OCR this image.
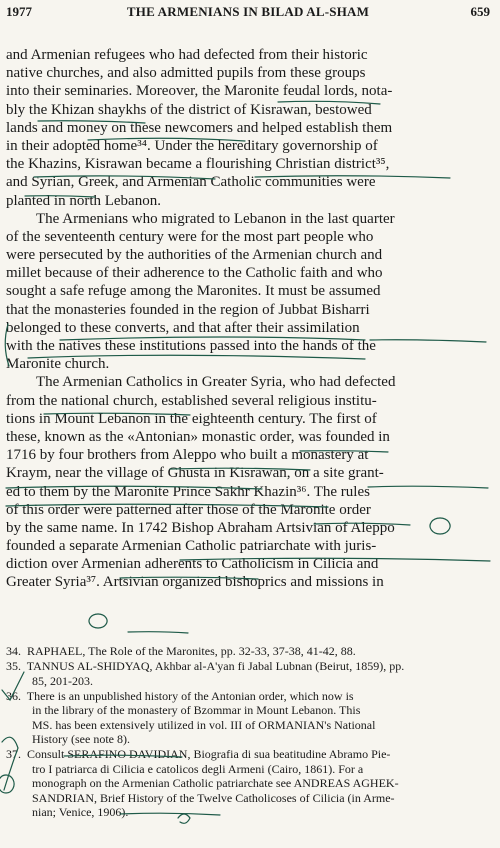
1977	THE ARMENIANS IN BILAD AL-SHAM	659
and Armenian refugees who had defected from their historic
native churches, and also admitted pupils from these groups
into their seminaries. Moreover, the Maronite feudal lords, nota-
bly the Khizan shaykhs of the district of Kisrawan, bestowed
lands and money on these newcomers and helped establish them
in their adopted home³⁴. Under the hereditary governorship of
the Khazins, Kisrawan became a flourishing Christian district³⁵,
and Syrian, Greek, and Armenian Catholic communities were
planted in north Lebanon.
The Armenians who migrated to Lebanon in the last quarter
of the seventeenth century were for the most part people who
were persecuted by the authorities of the Armenian church and
millet because of their adherence to the Catholic faith and who
sought a safe refuge among the Maronites. It must be assumed
that the monasteries founded in the region of Jubbat Bisharri
belonged to these converts, and that after their assimilation
with the natives these institutions passed into the hands of the
Maronite church.
The Armenian Catholics in Greater Syria, who had defected
from the national church, established several religious institu-
tions in Mount Lebanon in the eighteenth century. The first of
these, known as the «Antonian» monastic order, was founded in
1716 by four brothers from Aleppo who built a monastery at
Kraym, near the village of Ghusta in Kisrawan, on a site grant-
ed to them by the Maronite Prince Sakhr Khazin³⁶. The rules
of this order were patterned after those of the Maronite order
by the same name. In 1742 Bishop Abraham Artsivian of Aleppo
founded a separate Armenian Catholic patriarchate with juris-
diction over Armenian adherents to Catholicism in Cilicia and
Greater Syria³⁷. Artsivian organized bishoprics and missions in
34.  RAPHAEL, The Role of the Maronites, pp. 32-33, 37-38, 41-42, 88.
35.  TANNUS AL-SHIDYAQ, Akhbar al-A'yan fi Jabal Lubnan (Beirut, 1859), pp.
85, 201-203.
36.  There is an unpublished history of the Antonian order, which now is
in the library of the monastery of Bzommar in Mount Lebanon. This
MS. has been extensively utilized in vol. III of ORMANIAN's National
History (see note 8).
37.  Consult SERAFINO DAVIDIAN, Biografia di sua beatitudine Abramo Pie-
tro I patriarca di Cilicia e catolicos degli Armeni (Cairo, 1861). For a
monograph on the Armenian Catholic patriarchate see ANDREAS AGHEK-
SANDRIAN, Brief History of the Twelve Catholicoses of Cilicia (in Arme-
nian; Venice, 1906).
